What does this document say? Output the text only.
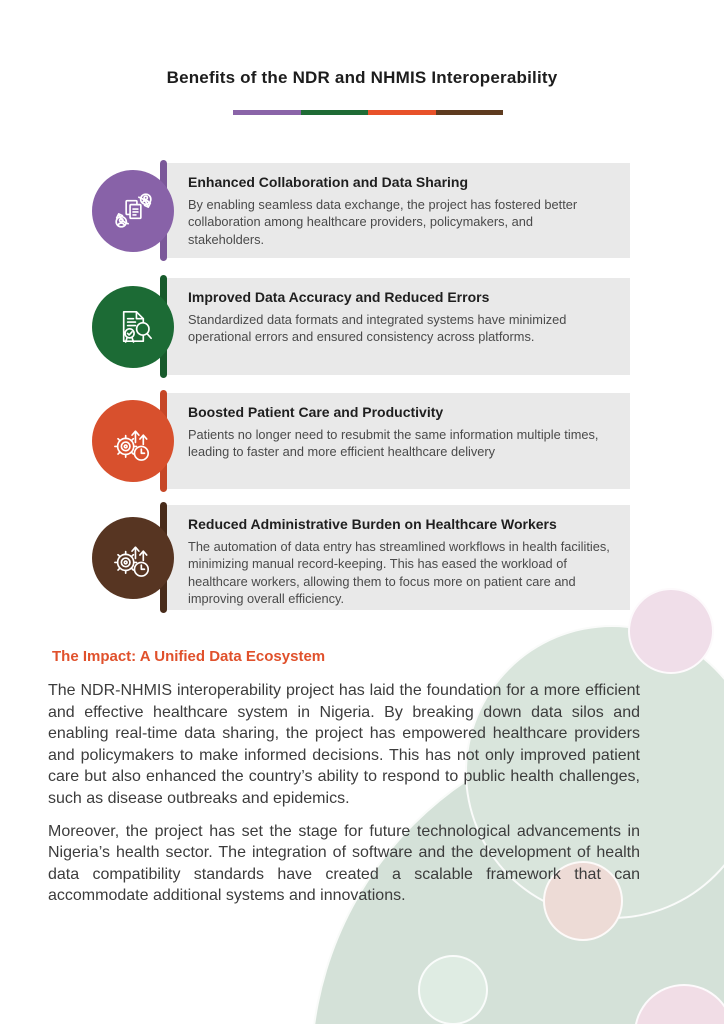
Benefits of the NDR and NHMIS Interoperability
Enhanced Collaboration and Data Sharing

By enabling seamless data exchange, the project has fostered better collaboration among healthcare providers, policymakers, and stakeholders.

Improved Data Accuracy and Reduced Errors

Standardized data formats and integrated systems have minimized operational errors and ensured consistency across platforms.

Boosted Patient Care and Productivity

Patients no longer need to resubmit the same information multiple times, leading to faster and more efficient healthcare delivery

Reduced Administrative Burden on Healthcare Workers

The automation of data entry has streamlined workflows in health facilities, minimizing manual record-keeping. This has eased the workload of healthcare workers, allowing them to focus more on patient care and improving overall efficiency.

The Impact: A Unified Data Ecosystem

The NDR-NHMIS interoperability project has laid the foundation for a more efficient and effective healthcare system in Nigeria. By breaking down data silos and enabling real-time data sharing, the project has empowered healthcare providers and policymakers to make informed decisions. This has not only improved patient care but also enhanced the country’s ability to respond to public health challenges, such as disease outbreaks and epidemics.

Moreover, the project has set the stage for future technological advancements in Nigeria’s health sector. The integration of software and the development of health data compatibility standards have created a scalable framework that can accommodate additional systems and innovations.
